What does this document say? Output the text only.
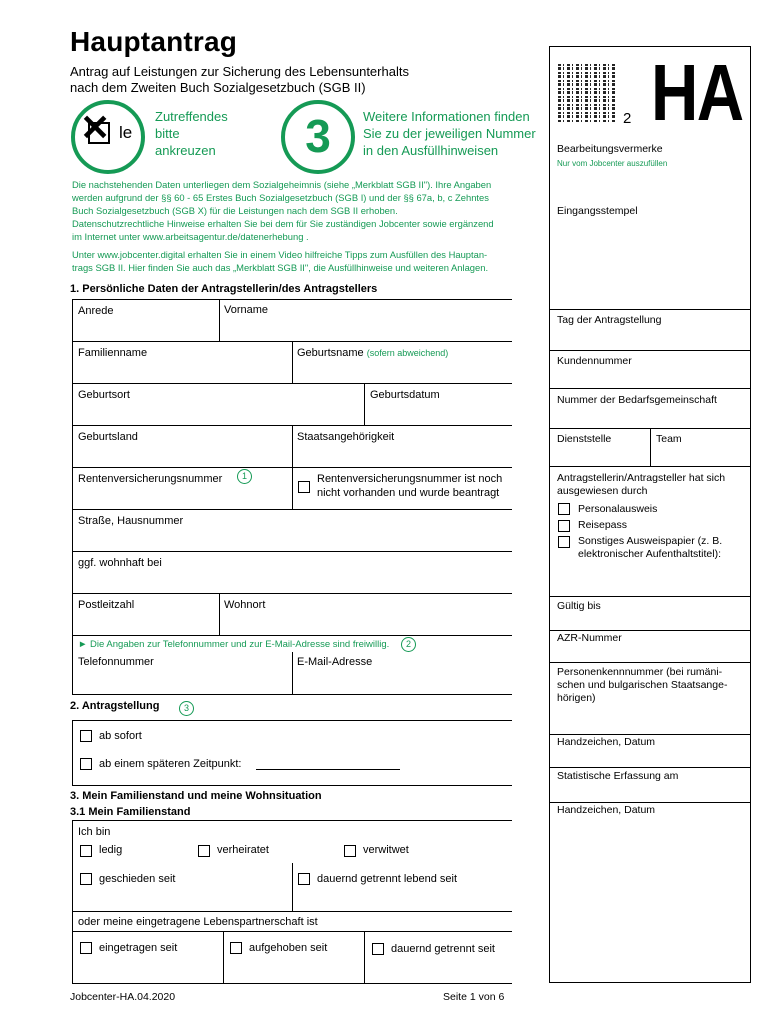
Hauptantrag
Antrag auf Leistungen zur Sicherung des Lebensunterhalts
nach dem Zweiten Buch Sozialgesetzbuch (SGB II)
✕ le
Zutreffendes
bitte
ankreuzen	3	Weitere Informationen finden
Sie zu der jeweiligen Nummer
in den Ausfüllhinweisen
Die nachstehenden Daten unterliegen dem Sozialgeheimnis (siehe „Merkblatt SGB II"). Ihre Angaben
werden aufgrund der §§ 60 - 65 Erstes Buch Sozialgesetzbuch (SGB I) und der §§ 67a, b, c Zehntes
Buch Sozialgesetzbuch (SGB X) für die Leistungen nach dem SGB II erhoben.
Datenschutzrechtliche Hinweise erhalten Sie bei dem für Sie zuständigen Jobcenter sowie ergänzend
im Internet unter www.arbeitsagentur.de/datenerhebung .
Unter www.jobcenter.digital erhalten Sie in einem Video hilfreiche Tipps zum Ausfüllen des Hauptan-
trags SGB II. Hier finden Sie auch das „Merkblatt SGB II", die Ausfüllhinweise und weiteren Anlagen.
1. Persönliche Daten der Antragstellerin/des Antragstellers
Anrede	Vorname
Familienname	Geburtsname (sofern abweichend)
Geburtsort	Geburtsdatum
Geburtsland	Staatsangehörigkeit
Rentenversicherungsnummer	1	Rentenversicherungsnummer ist noch
nicht vorhanden und wurde beantragt
Straße, Hausnummer
ggf. wohnhaft bei
Postleitzahl	Wohnort
► Die Angaben zur Telefonnummer und zur E-Mail-Adresse sind freiwillig.	2
Telefonnummer	E-Mail-Adresse
2. Antragstellung	3
ab sofort
ab einem späteren Zeitpunkt:
3. Mein Familienstand und meine Wohnsituation
3.1 Mein Familienstand
Ich bin
ledig	verheiratet	verwitwet
geschieden seit	dauernd getrennt lebend seit
oder meine eingetragene Lebenspartnerschaft ist
eingetragen seit	aufgehoben seit	dauernd getrennt seit
2 HA
Bearbeitungsvermerke
Nur vom Jobcenter auszufüllen
Eingangsstempel
Tag der Antragstellung
Kundennummer
Nummer der Bedarfsgemeinschaft
Dienststelle	Team
Antragstellerin/Antragsteller hat sich
ausgewiesen durch
Personalausweis
Reisepass
Sonstiges Ausweispapier (z. B.
elektronischer Aufenthaltstitel):
Gültig bis
AZR-Nummer
Personenkennnummer (bei rumäni-
schen und bulgarischen Staatsange-
hörigen)
Handzeichen, Datum
Statistische Erfassung am
Handzeichen, Datum
Jobcenter-HA.04.2020	Seite 1 von 6
